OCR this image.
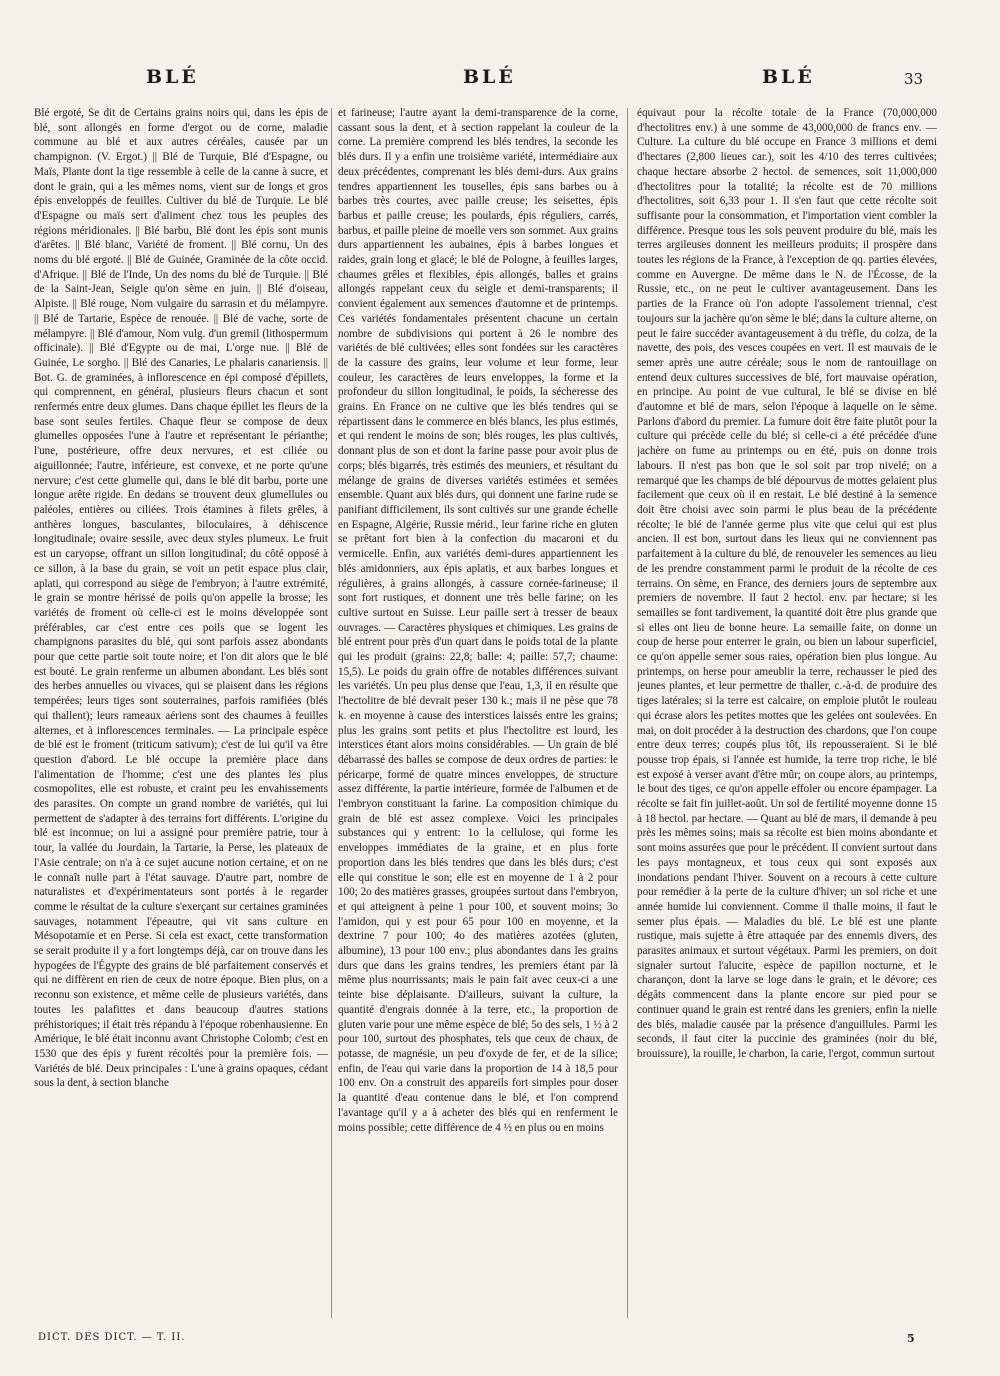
BLÉ	BLÉ	BLÉ	33

Blé ergoté, Se dit de Certains grains noirs qui, dans les épis de blé, sont allongés en forme d'ergot ou de corne, maladie commune au blé et aux autres céréales, causée par un champignon. (V. Ergot.) || Blé de Turquie, Blé d'Espagne, ou Maïs, Plante dont la tige ressemble à celle de la canne à sucre, et dont le grain, qui a les mêmes noms, vient sur de longs et gros épis enveloppés de feuilles. Cultiver du blé de Turquie. Le blé d'Espagne ou maïs sert d'aliment chez tous les peuples des régions méridionales. || Blé barbu, Blé dont les épis sont munis d'arêtes. || Blé blanc, Variété de froment. || Blé cornu, Un des noms du blé ergoté. || Blé de Guinée, Graminée de la côte occid. d'Afrique. || Blé de l'Inde, Un des noms du blé de Turquie. || Blé de la Saint-Jean, Seigle qu'on sème en juin. || Blé d'oiseau, Alpiste. || Blé rouge, Nom vulgaire du sarrasin et du mélampyre. || Blé de Tartarie, Espèce de renouée. || Blé de vache, sorte de mélampyre. || Blé d'amour, Nom vulg. d'un gremil (lithospermum officinale). || Blé d'Egypte ou de mai, L'orge nue. || Blé de Guinée, Le sorgho. || Blé des Canaries, Le phalaris canariensis. || Bot. G. de graminées, à inflorescence en épi composé d'épillets, qui comprennent, en général, plusieurs fleurs chacun et sont renfermés entre deux glumes. Dans chaque épillet les fleurs de la base sont seules fertiles. Chaque fleur se compose de deux glumelles opposées l'une à l'autre et représentant le périanthe; l'une, postérieure, offre deux nervures, et est ciliée ou aiguillonnée; l'autre, inférieure, est convexe, et ne porte qu'une nervure; c'est cette glumelle qui, dans le blé dit barbu, porte une longue arête rigide. En dedans se trouvent deux glumellules ou paléoles, entières ou ciliées. Trois étamines à filets grêles, à anthères longues, basculantes, biloculaires, à déhiscence longitudinale; ovaire sessile, avec deux styles plumeux. Le fruit est un caryopse, offrant un sillon longitudinal; du côté opposé à ce sillon, à la base du grain, se voit un petit espace plus clair, aplati, qui correspond au siège de l'embryon; à l'autre extrémité, le grain se montre hérissé de poils qu'on appelle la brosse; les variétés de froment où celle-ci est le moins développée sont préférables, car c'est entre ces poils que se logent les champignons parasites du blé, qui sont parfois assez abondants pour que cette partie soit toute noire; et l'on dit alors que le blé est bouté. Le grain renferme un albumen abondant. Les blés sont des herbes annuelles ou vivaces, qui se plaisent dans les régions tempérées; leurs tiges sont souterraines, parfois ramifiées (blés qui thallent); leurs rameaux aériens sont des chaumes à feuilles alternes, et à inflorescences terminales. — La principale espèce de blé est le froment (triticum sativum); c'est de lui qu'il va être question d'abord. Le blé occupe la première place dans l'alimentation de l'homme; c'est une des plantes les plus cosmopolites, elle est robuste, et craint peu les envahissements des parasites. On compte un grand nombre de variétés, qui lui permettent de s'adapter à des terrains fort différents. L'origine du blé est inconnue; on lui a assigné pour première patrie, tour à tour, la vallée du Jourdain, la Tartarie, la Perse, les plateaux de l'Asie centrale; on n'a à ce sujet aucune notion certaine, et on ne le connaît nulle part à l'état sauvage. D'autre part, nombre de naturalistes et d'expérimentateurs sont portés à le regarder comme le résultat de la culture s'exerçant sur certaines graminées sauvages, notamment l'épeautre, qui vit sans culture en Mésopotamie et en Perse. Si cela est exact, cette transformation se serait produite il y a fort longtemps déjà, car on trouve dans les hypogées de l'Égypte des grains de blé parfaitement conservés et qui ne diffèrent en rien de ceux de notre époque. Bien plus, on a reconnu son existence, et même celle de plusieurs variétés, dans toutes les palafittes et dans beaucoup d'autres stations préhistoriques; il était très répandu à l'époque robenhausienne. En Amérique, le blé était inconnu avant Christophe Colomb; c'est en 1530 que des épis y furent récoltés pour la première fois. — Variétés de blé. Deux principales : L'une à grains opaques, cédant sous la dent, à section blanche

et farineuse; l'autre ayant la demi-transparence de la corne, cassant sous la dent, et à section rappelant la couleur de la corne. La première comprend les blés tendres, la seconde les blés durs. Il y a enfin une troisième variété, intermédiaire aux deux précédentes, comprenant les blés demi-durs. Aux grains tendres appartiennent les touselles, épis sans barbes ou à barbes très courtes, avec paille creuse; les seisettes, épis barbus et paille creuse; les poulards, épis réguliers, carrés, barbus, et paille pleine de moelle vers son sommet. Aux grains durs appartiennent les aubaines, épis à barbes longues et raides, grain long et glacé; le blé de Pologne, à feuilles larges, chaumes grêles et flexibles, épis allongés, balles et grains allongés rappelant ceux du seigle et demi-transparents; il convient également aux semences d'automne et de printemps. Ces variétés fondamentales présentent chacune un certain nombre de subdivisions qui portent à 26 le nombre des variétés de blé cultivées; elles sont fondées sur les caractères de la cassure des grains, leur volume et leur forme, leur couleur, les caractères de leurs enveloppes, la forme et la profondeur du sillon longitudinal, le poids, la sécheresse des grains. En France on ne cultive que les blés tendres qui se répartissent dans le commerce en blés blancs, les plus estimés, et qui rendent le moins de son; blés rouges, les plus cultivés, donnant plus de son et dont la farine passe pour avoir plus de corps; blés bigarrés, très estimés des meuniers, et résultant du mélange de grains de diverses variétés estimées et semées ensemble. Quant aux blés durs, qui donnent une farine rude se panifiant difficilement, ils sont cultivés sur une grande échelle en Espagne, Algérie, Russie mérid., leur farine riche en gluten se prêtant fort bien à la confection du macaroni et du vermicelle. Enfin, aux variétés demi-dures appartiennent les blés amidonniers, aux épis aplatis, et aux barbes longues et régulières, à grains allongés, à cassure cornée-farineuse; il sont fort rustiques, et donnent une très belle farine; on les cultive surtout en Suisse. Leur paille sert à tresser de beaux ouvrages. — Caractères physiques et chimiques. Les grains de blé entrent pour près d'un quart dans le poids total de la plante qui les produit (grains: 22,8; balle: 4; paille: 57,7; chaume: 15,5). Le poids du grain offre de notables différences suivant les variétés. Un peu plus dense que l'eau, 1,3, il en résulte que l'hectolitre de blé devrait peser 130 k.; mais il ne pèse que 78 k. en moyenne à cause des interstices laissés entre les grains; plus les grains sont petits et plus l'hectolitre est lourd, les interstices étant alors moins considérables. — Un grain de blé débarrassé des balles se compose de deux ordres de parties: le péricarpe, formé de quatre minces enveloppes, de structure assez différente, la partie intérieure, formée de l'albumen et de l'embryon constituant la farine. La composition chimique du grain de blé est assez complexe. Voici les principales substances qui y entrent: 1o la cellulose, qui forme les enveloppes immédiates de la graine, et en plus forte proportion dans les blés tendres que dans les blés durs; c'est elle qui constitue le son; elle est en moyenne de 1 à 2 pour 100; 2o des matières grasses, groupées surtout dans l'embryon, et qui atteignent à peine 1 pour 100, et souvent moins; 3o l'amidon, qui y est pour 65 pour 100 en moyenne, et la dextrine 7 pour 100; 4o des matières azotées (gluten, albumine), 13 pour 100 env.; plus abondantes dans les grains durs que dans les grains tendres, les premiers étant par là même plus nourrissants; mais le pain fait avec ceux-ci a une teinte bise déplaisante. D'ailleurs, suivant la culture, la quantité d'engrais donnée à la terre, etc., la proportion de gluten varie pour une même espèce de blé; 5o des sels, 1 ½ à 2 pour 100, surtout des phosphates, tels que ceux de chaux, de potasse, de magnésie, un peu d'oxyde de fer, et de la silice; enfin, de l'eau qui varie dans la proportion de 14 à 18,5 pour 100 env. On a construit des appareils fort simples pour doser la quantité d'eau contenue dans le blé, et l'on comprend l'avantage qu'il y a à acheter des blés qui en renferment le moins possible; cette différence de 4 ½ en plus ou en moins

équivaut pour la récolte totale de la France (70,000,000 d'hectolitres env.) à une somme de 43,000,000 de francs env. — Culture. La culture du blé occupe en France 3 millions et demi d'hectares (2,800 lieues car.), soit les 4/10 des terres cultivées; chaque hectare absorbe 2 hectol. de semences, soit 11,000,000 d'hectolitres pour la totalité; la récolte est de 70 millions d'hectolitres, soit 6,33 pour 1. Il s'en faut que cette récolte soit suffisante pour la consommation, et l'importation vient combler la différence. Presque tous les sols peuvent produire du blé, mais les terres argileuses donnent les meilleurs produits; il prospère dans toutes les régions de la France, à l'exception de qq. parties élevées, comme en Auvergne. De même dans le N. de l'Écosse, de la Russie, etc., on ne peut le cultiver avantageusement. Dans les parties de la France où l'on adopte l'assolement triennal, c'est toujours sur la jachère qu'on sème le blé; dans la culture alterne, on peut le faire succéder avantageusement à du trèfle, du colza, de la navette, des pois, des vesces coupées en vert. Il est mauvais de le semer après une autre céréale; sous le nom de rantouillage on entend deux cultures successives de blé, fort mauvaise opération, en principe. Au point de vue cultural, le blé se divise en blé d'automne et blé de mars, selon l'époque à laquelle on le sème. Parlons d'abord du premier. La fumure doit être faite plutôt pour la culture qui précède celle du blé; si celle-ci a été précédée d'une jachère on fume au printemps ou en été, puis on donne trois labours. Il n'est pas bon que le sol soit par trop nivelé; on a remarqué que les champs de blé dépourvus de mottes gelaient plus facilement que ceux où il en restait. Le blé destiné à la semence doit être choisi avec soin parmi le plus beau de la précédente récolte; le blé de l'année germe plus vite que celui qui est plus ancien. Il est bon, surtout dans les lieux qui ne conviennent pas parfaitement à la culture du blé, de renouveler les semences au lieu de les prendre constamment parmi le produit de la récolte de ces terrains. On sème, en France, des derniers jours de septembre aux premiers de novembre. Il faut 2 hectol. env. par hectare; si les semailles se font tardivement, la quantité doit être plus grande que si elles ont lieu de bonne heure. La semaille faite, on donne un coup de herse pour enterrer le grain, ou bien un labour superficiel, ce qu'on appelle semer sous raies, opération bien plus longue. Au printemps, on herse pour ameublir la terre, rechausser le pied des jeunes plantes, et leur permettre de thaller, c.-à-d. de produire des tiges latérales; si la terre est calcaire, on emploie plutôt le rouleau qui écrase alors les petites mottes que les gelées ont soulevées. En mai, on doit procéder à la destruction des chardons, que l'on coupe entre deux terres; coupés plus tôt, ils repousseraient. Si le blé pousse trop épais, si l'année est humide, la terre trop riche, le blé est exposé à verser avant d'être mûr; on coupe alors, au printemps, le bout des tiges, ce qu'on appelle effoler ou encore épampager. La récolte se fait fin juillet-août. Un sol de fertilité moyenne donne 15 à 18 hectol. par hectare. — Quant au blé de mars, il demande à peu près les mêmes soins; mais sa récolte est bien moins abondante et sont moins assurées que pour le précédent. Il convient surtout dans les pays montagneux, et tous ceux qui sont exposés aux inondations pendant l'hiver. Souvent on a recours à cette culture pour remédier à la perte de la culture d'hiver; un sol riche et une année humide lui conviennent. Comme il thalle moins, il faut le semer plus épais. — Maladies du blé. Le blé est une plante rustique, mais sujette à être attaquée par des ennemis divers, des parasites animaux et surtout végétaux. Parmi les premiers, on doit signaler surtout l'alucite, espèce de papillon nocturne, et le charançon, dont la larve se loge dans le grain, et le dévore; ces dégâts commencent dans la plante encore sur pied pour se continuer quand le grain est rentré dans les greniers, enfin la nielle des blés, maladie causée par la présence d'anguillules. Parmi les seconds, il faut citer la puccinie des graminées (noir du blé, brouissure), la rouille, le charbon, la carie, l'ergot, commun surtout

DICT. DES DICT. — T. II.	5
